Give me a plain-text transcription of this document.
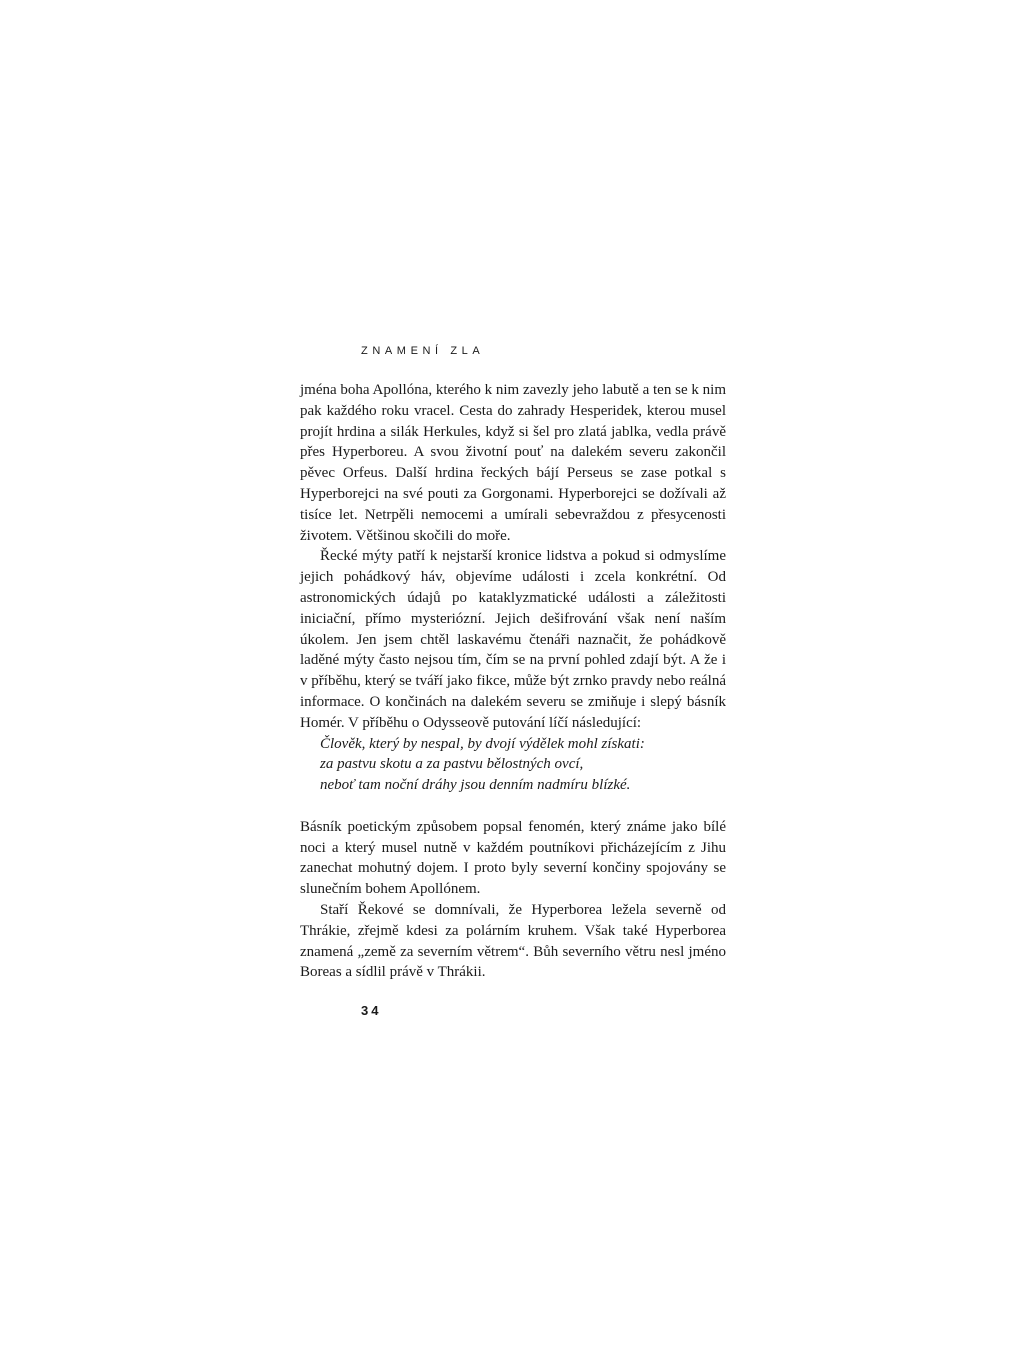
ZNAMENÍ ZLA

jména boha Apollóna, kterého k nim zavezly jeho labutě a ten se k nim pak každého roku vracel. Cesta do zahrady Hesperidek, kterou musel projít hrdina a silák Herkules, když si šel pro zlatá jablka, vedla právě přes Hyperboreu. A svou životní pouť na dalekém severu zakončil pěvec Orfeus. Další hrdina řeckých bájí Perseus se zase potkal s Hyperborejci na své pouti za Gorgonami. Hyperborejci se dožívali až tisíce let. Netrpěli nemocemi a umírali sebevraždou z přesycenosti životem. Většinou skočili do moře.

Řecké mýty patří k nejstarší kronice lidstva a pokud si odmyslíme jejich pohádkový háv, objevíme události i zcela konkrétní. Od astronomických údajů po kataklyzmatické události a záležitosti iniciační, přímo mysteriózní. Jejich dešifrování však není naším úkolem. Jen jsem chtěl laskavému čtenáři naznačit, že pohádkově laděné mýty často nejsou tím, čím se na první pohled zdají být. A že i v příběhu, který se tváří jako fikce, může být zrnko pravdy nebo reálná informace. O končinách na dalekém severu se zmiňuje i slepý básník Homér. V příběhu o Odysseově putování líčí následující:

Člověk, který by nespal, by dvojí výdělek mohl získati:
za pastvu skotu a za pastvu bělostných ovcí,
neboť tam noční dráhy jsou denním nadmíru blízké.

Básník poetickým způsobem popsal fenomén, který známe jako bílé noci a který musel nutně v každém poutníkovi přicházejícím z Jihu zanechat mohutný dojem. I proto byly severní končiny spojovány se slunečním bohem Apollónem.

Staří Řekové se domnívali, že Hyperborea ležela severně od Thrákie, zřejmě kdesi za polárním kruhem. Však také Hyperborea znamená „země za severním větrem“. Bůh severního větru nesl jméno Boreas a sídlil právě v Thrákii.

34
